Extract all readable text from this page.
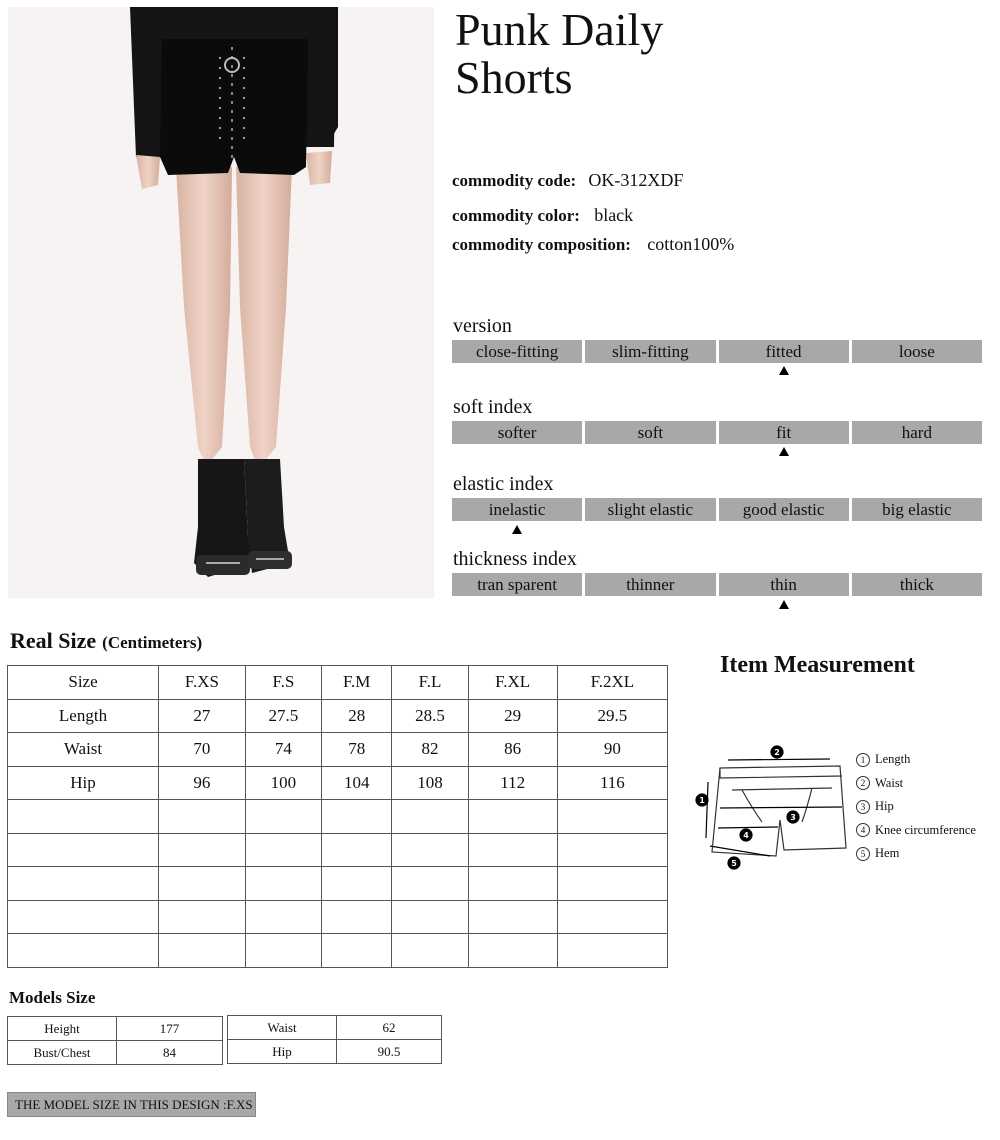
Punk Daily
Shorts
commodity code: OK-312XDF
commodity color: black
commodity composition: cotton100%
version
close-fitting	slim-fitting	fitted	loose
soft index
softer	soft	fit	hard
elastic index
inelastic	slight elastic	good elastic	big elastic
thickness index
tran sparent	thinner	thin	thick
Real Size (Centimeters)
Size	F.XS	F.S	F.M	F.L	F.XL	F.2XL
Length	27	27.5	28	28.5	29	29.5
Waist	70	74	78	82	86	90
Hip	96	100	104	108	112	116

Item Measurement
2
1
3
4
5
1 Length
2 Waist
3 Hip
4 Knee circumference
5 Hem
Models Size
Height	177
Bust/Chest	84
Waist	62
Hip	90.5
THE MODEL SIZE IN THIS DESIGN :F.XS
